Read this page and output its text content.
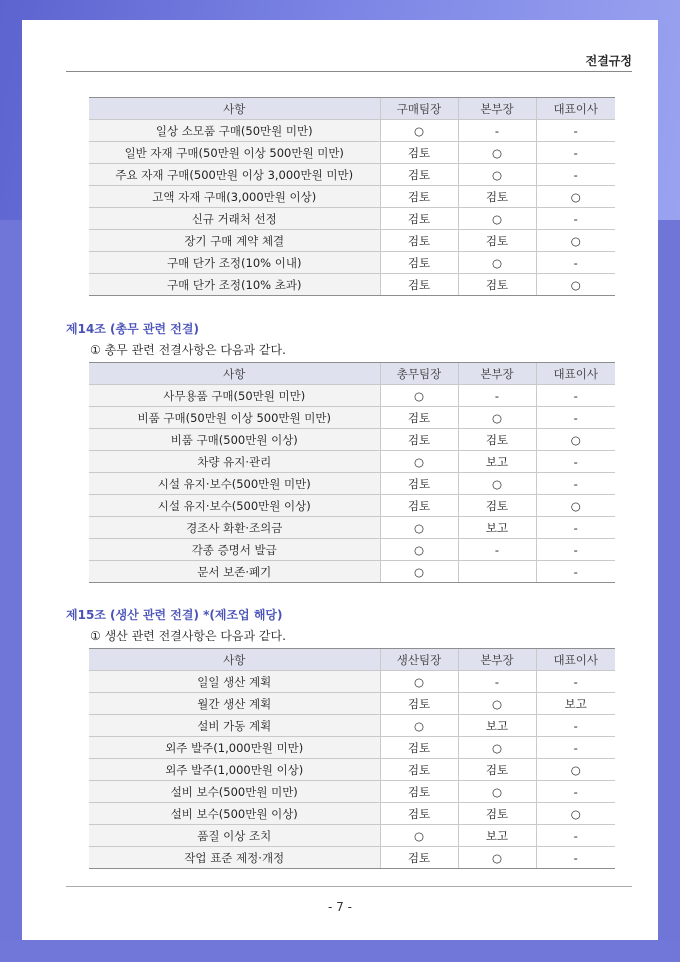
전결규정
사항	구매팀장	본부장	대표이사
일상 소모품 구매(50만원 미만)	○	-	-
일반 자재 구매(50만원 이상 500만원 미만)	검토	○	-
주요 자재 구매(500만원 이상 3,000만원 미만)	검토	○	-
고액 자재 구매(3,000만원 이상)	검토	검토	○
신규 거래처 선정	검토	○	-
장기 구매 계약 체결	검토	검토	○
구매 단가 조정(10% 이내)	검토	○	-
구매 단가 조정(10% 초과)	검토	검토	○
제14조 (총무 관련 전결)
① 총무 관련 전결사항은 다음과 같다.
사항	총무팀장	본부장	대표이사
사무용품 구매(50만원 미만)	○	-	-
비품 구매(50만원 이상 500만원 미만)	검토	○	-
비품 구매(500만원 이상)	검토	검토	○
차량 유지·관리	○	보고	-
시설 유지·보수(500만원 미만)	검토	○	-
시설 유지·보수(500만원 이상)	검토	검토	○
경조사 화환·조의금	○	보고	-
각종 증명서 발급	○	-	-
문서 보존·폐기	○		-
제15조 (생산 관련 전결) *(제조업 해당)
① 생산 관련 전결사항은 다음과 같다.
사항	생산팀장	본부장	대표이사
일일 생산 계획	○	-	-
월간 생산 계획	검토	○	보고
설비 가동 계획	○	보고	-
외주 발주(1,000만원 미만)	검토	○	-
외주 발주(1,000만원 이상)	검토	검토	○
설비 보수(500만원 미만)	검토	○	-
설비 보수(500만원 이상)	검토	검토	○
품질 이상 조치	○	보고	-
작업 표준 제정·개정	검토	○	-
- 7 -
